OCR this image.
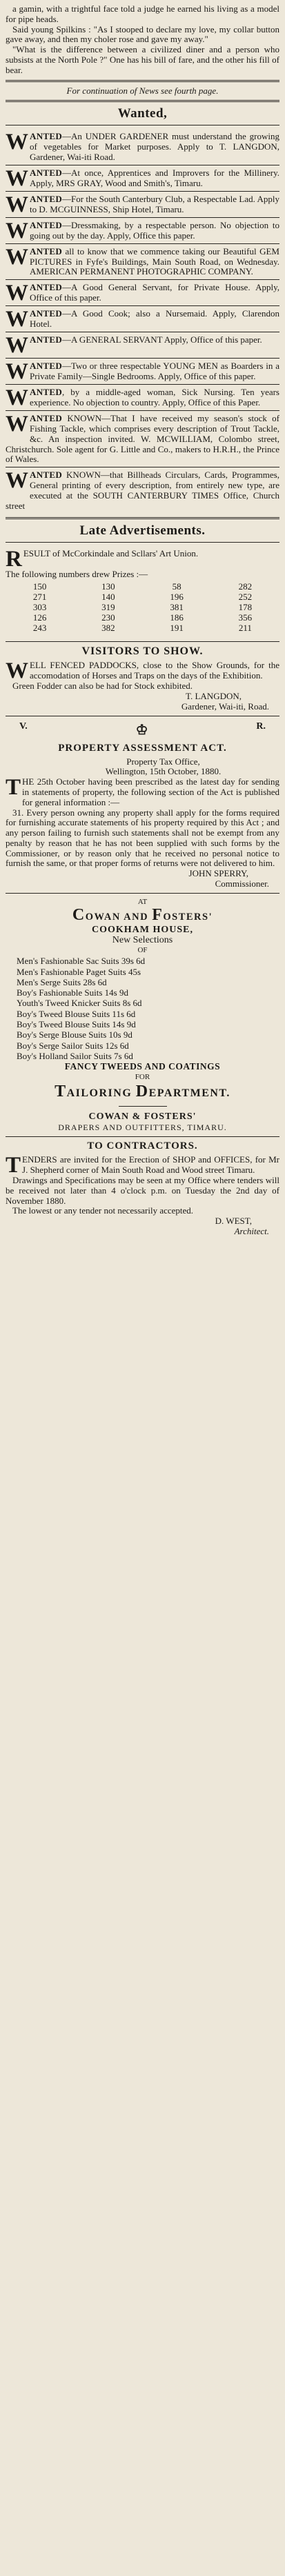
a gamin, with a trightful face told a judge he earned his living as a model for pipe heads.

Said young Spilkins : "As I stooped to declare my love, my collar button gave away, and then my choler rose and gave my away."

"What is the difference between a civilized diner and a person who subsists at the North Pole ?" One has his bill of fare, and the other his fill of bear.

For continuation of News see fourth page.

Wanted,
W ANTED—An UNDER GARDENER must understand the growing of vegetables for Market purposes. Apply to T. LANGDON, Gardener, Wai-iti Road.

W ANTED—At once, Apprentices and Improvers for the Millinery. Apply, MRS GRAY, Wood and Smith's, Timaru.

W ANTED—For the South Canterbury Club, a Respectable Lad. Apply to D. MCGUINNESS, Ship Hotel, Timaru.

W ANTED—Dressmaking, by a respectable person. No objection to going out by the day. Apply, Office this paper.

W ANTED all to know that we commence taking our Beautiful GEM PICTURES in Fyfe's Buildings, Main South Road, on Wednesday. AMERICAN PERMANENT PHOTOGRAPHIC COMPANY.

W ANTED—A Good General Servant, for Private House. Apply, Office of this paper.

W ANTED—A Good Cook; also a Nursemaid. Apply, Clarendon Hotel.

W ANTED—A GENERAL SERVANT Apply, Office of this paper.

W ANTED—Two or three respectable YOUNG MEN as Boarders in a Private Family—Single Bedrooms. Apply, Office of this paper.

W ANTED, by a middle-aged woman, Sick Nursing. Ten years experience. No objection to country. Apply, Office of this Paper.

W ANTED KNOWN—That I have received my season's stock of Fishing Tackle, which comprises every description of Trout Tackle, &c. An inspection invited. W. MCWILLIAM, Colombo street, Christchurch. Sole agent for G. Little and Co., makers to H.R.H., the Prince of Wales.

W ANTED KNOWN—that Billheads Circulars, Cards, Programmes, General printing of every description, from entirely new type, are executed at the SOUTH CANTERBURY TIMES Office, Church street

Late Advertisements.
R ESULT of McCorkindale and Scllars' Art Union.

The following numbers drew Prizes :—

150	130	58	282
271	140	196	252
303	319	381	178
126	230	186	356
243	382	191	211
VISITORS TO SHOW.
W ELL FENCED PADDOCKS, close to the Show Grounds, for the accomodation of Horses and Traps on the days of the Exhibition.

Green Fodder can also be had for Stock exhibited.

T. LANGDON,

Gardener, Wai-iti, Road.

V.	♔	R.
PROPERTY ASSESSMENT ACT.

Property Tax Office,

Wellington, 15th October, 1880.

T HE 25th October having been prescribed as the latest day for sending in statements of property, the following section of the Act is published for general information :—

31. Every person owning any property shall apply for the forms required for furnishing accurate statements of his property required by this Act ; and any person failing to furnish such statements shall not be exempt from any penalty by reason that he has not been supplied with such forms by the Commissioner, or by reason only that he received no personal notice to furnish the same, or that proper forms of returns were not delivered to him.

JOHN SPERRY,

Commissioner.

AT

COWAN AND FOSTERS'
COOKHAM HOUSE,

New Selections

OF

Men's Fashionable Sac Suits 39s 6d

Men's Fashionable Paget Suits 45s

Men's Serge Suits 28s 6d

Boy's Fashionable Suits 14s 9d

Youth's Tweed Knicker Suits 8s 6d

Boy's Tweed Blouse Suits 11s 6d

Boy's Tweed Blouse Suits 14s 9d

Boy's Serge Blouse Suits 10s 9d

Boy's Serge Sailor Suits 12s 6d

Boy's Holland Sailor Suits 7s 6d

FANCY TWEEDS AND COATINGS

FOR

TAILORING DEPARTMENT.
COWAN & FOSTERS'
DRAPERS AND OUTFITTERS, TIMARU.
TO CONTRACTORS.
T ENDERS are invited for the Erection of SHOP and OFFICES, for Mr J. Shepherd corner of Main South Road and Wood street Timaru.

Drawings and Specifications may be seen at my Office where tenders will be received not later than 4 o'clock p.m. on Tuesday the 2nd day of November 1880.

The lowest or any tender not necessarily accepted.

D. WEST,

Architect.
